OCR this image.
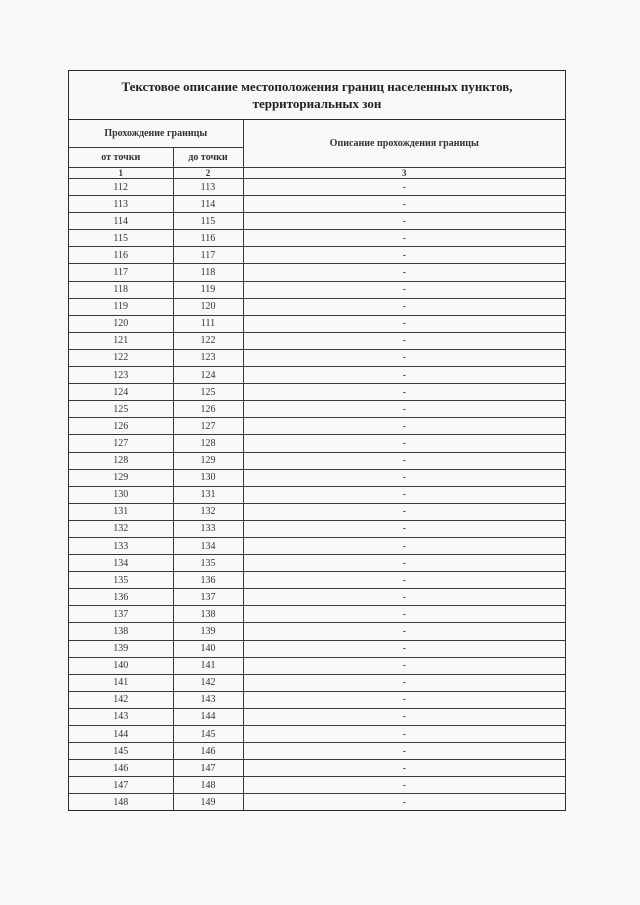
Текстовое описание местоположения границ населенных пунктов,
территориальных зон
Прохождение границы		Описание прохождения границы
от точки	до точки	
1	2	3
112	113	-
113	114	-
114	115	-
115	116	-
116	117	-
117	118	-
118	119	-
119	120	-
120	111	-
121	122	-
122	123	-
123	124	-
124	125	-
125	126	-
126	127	-
127	128	-
128	129	-
129	130	-
130	131	-
131	132	-
132	133	-
133	134	-
134	135	-
135	136	-
136	137	-
137	138	-
138	139	-
139	140	-
140	141	-
141	142	-
142	143	-
143	144	-
144	145	-
145	146	-
146	147	-
147	148	-
148	149	-
